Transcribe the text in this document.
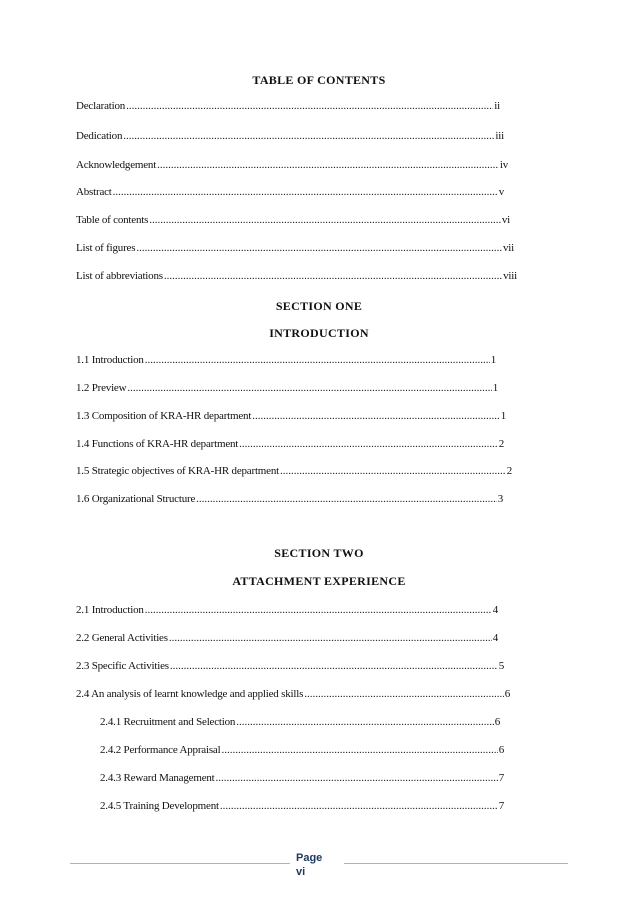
TABLE OF CONTENTS
Declaration .....	ii
Dedication .....	iii
Acknowledgement .....	iv
Abstract .....	v
Table of contents .....	vi
List of figures .....	vii
List of abbreviations .....	viii
SECTION ONE
INTRODUCTION
1.1 Introduction .....	1
1.2 Preview .....	1
1.3 Composition of KRA-HR department .....	1
1.4 Functions of KRA-HR department .....	2
1.5 Strategic objectives of KRA-HR department .....	2
1.6 Organizational Structure .....	3
SECTION TWO
ATTACHMENT EXPERIENCE
2.1 Introduction .....	4
2.2 General Activities .....	4
2.3 Specific Activities .....	5
2.4 An analysis of learnt knowledge and applied skills .....	6
2.4.1 Recruitment and Selection .....	6
2.4.2 Performance Appraisal .....	6
2.4.3 Reward Management .....	7
2.4.5 Training Development .....	7
Page
vi
